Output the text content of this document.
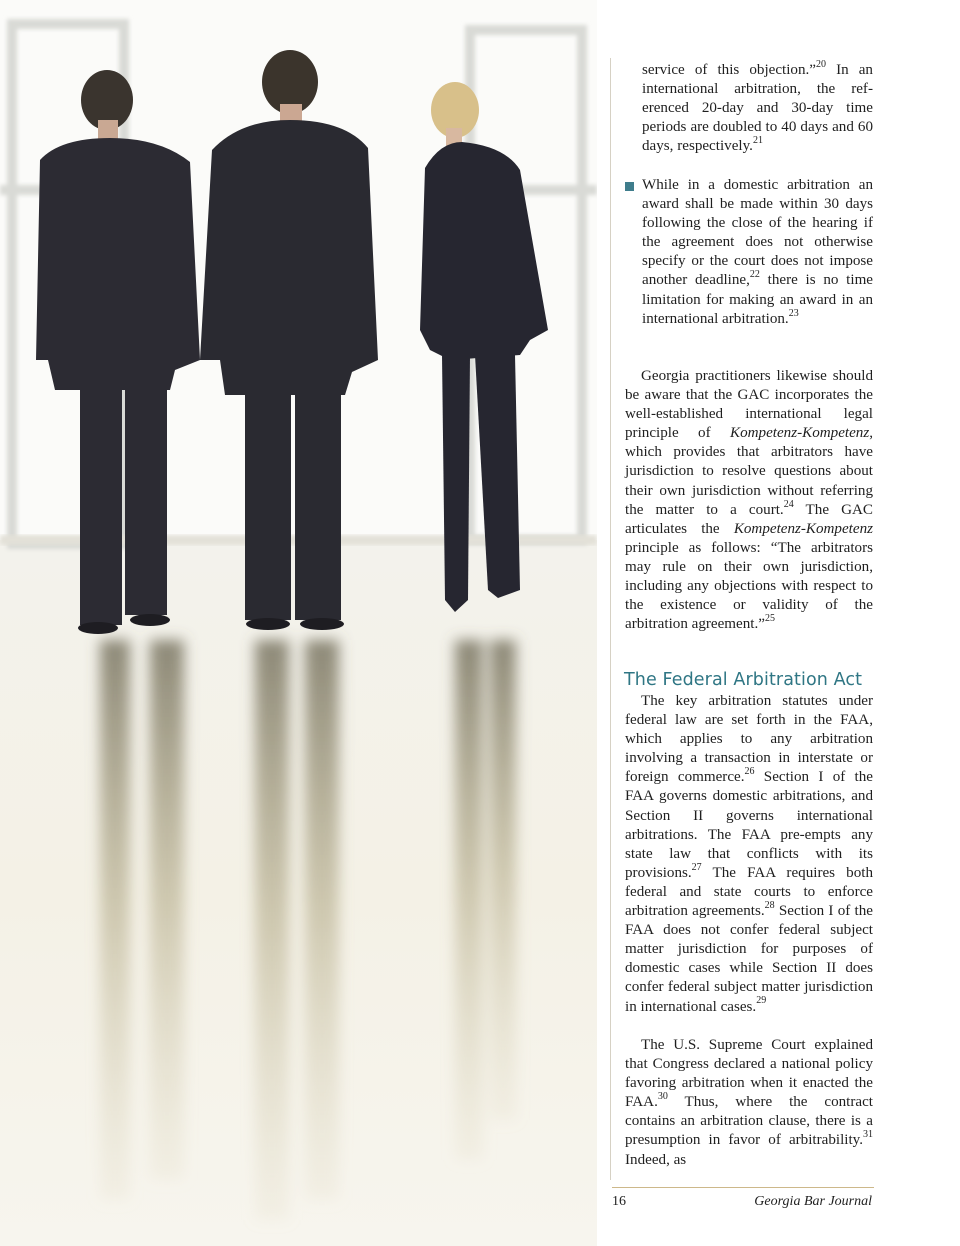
service of this objection.”$^{20}$ In an international arbitration, the referenced 20-day and 30-day time periods are doubled to 40 days and 60 days, respectively.$^{21}$

While in a domestic arbitration an award shall be made within 30 days following the close of the hearing if the agreement does not otherwise specify or the court does not impose another deadline,$^{22}$ there is no time limitation for making an award in an international arbitration.$^{23}$

Georgia practitioners likewise should be aware that the GAC incorporates the well-established international legal principle of Kompetenz-Kompetenz, which provides that arbitrators have jurisdiction to resolve questions about their own jurisdiction without referring the matter to a court.$^{24}$ The GAC articulates the Kompetenz-Kompetenz principle as follows: “The arbitrators may rule on their own jurisdiction, including any objections with respect to the existence or validity of the arbitration agreement.”$^{25}$

The key arbitration statutes under federal law are set forth in the FAA, which applies to any arbitration involving a transaction in interstate or foreign commerce.$^{26}$ Section I of the FAA governs domestic arbitrations, and Section II governs international arbitrations. The FAA pre-empts any state law that conflicts with its provisions.$^{27}$ The FAA requires both federal and state courts to enforce arbitration agreements.$^{28}$ Section I of the FAA does not confer federal subject matter jurisdiction for purposes of domestic cases while Section II does confer federal subject matter jurisdiction in international cases.$^{29}$

The U.S. Supreme Court explained that Congress declared a national policy favoring arbitration when it enacted the FAA.$^{30}$ Thus, where the contract contains an arbitration clause, there is a presumption in favor of arbitrability.$^{31}$ Indeed, as

The Federal Arbitration Act
16	Georgia Bar Journal
